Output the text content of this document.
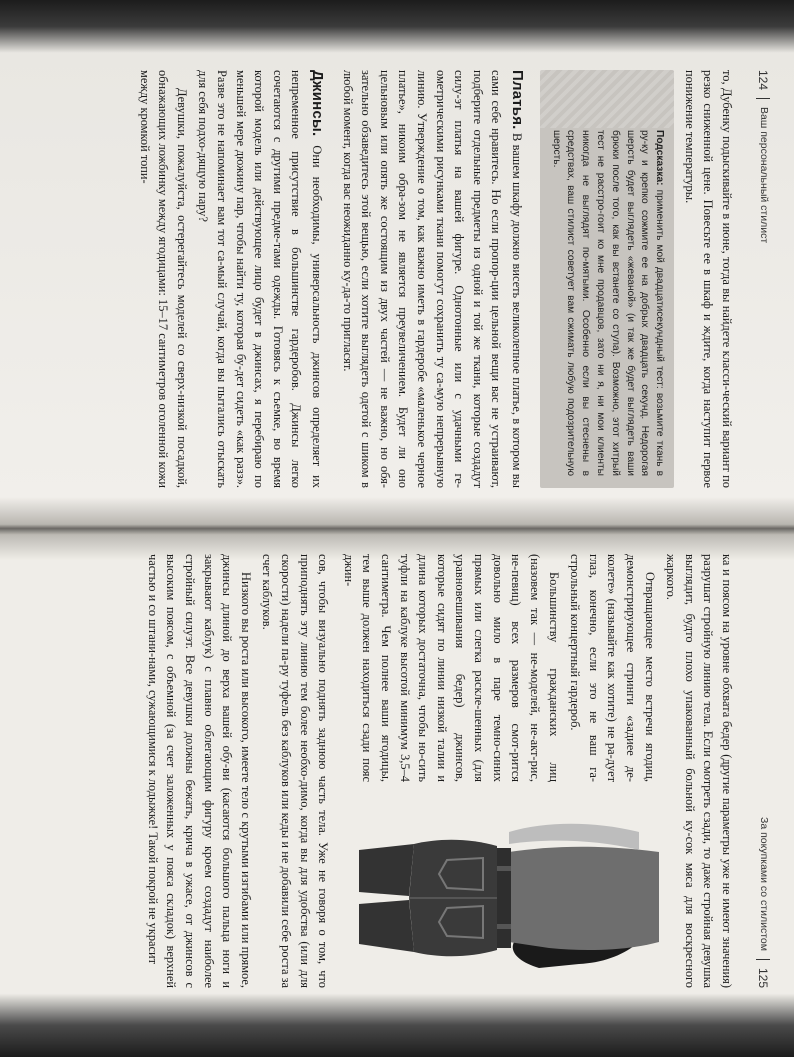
124
Ваш персональный стилист

то, Дубенку подыскивайте в июне, тогда вы найдете класси-ческий вариант по резко сниженной цене. Повесьте ее в шкаф и ждите, когда наступит первое понижение температуры.

Подсказка: применить мой двадцатисекундный тест: возьмите ткань в ру-ку и крепко сожмите ее на добрых двадцать секунд. Недорогая шерсть будет выглядеть «жеваной» (и так же будет выглядеть ваши брюки после того, как вы встанете со стула). Возможно, этот хитрый тест не расстро-гоит ко мне продавцов, зато ни я, ни мои клиенты никогда не выглядят по-мятыми. Особенно если вы стеснены в средствах, ваш стилист советует вам сжимать любую подозрительную шерсть.

Платья. В вашем шкафу должно висеть великолепное платье, в котором вы сами себе нравитесь. Но если пропор-ции цельной вещи вас не устраивают, подберите отдельные предметы из одной и той же ткани, которые создадут силу-эт платья на вашей фигуре. Однотонные или с удачными ге-ометрическими рисунками ткани помогут сохранить ту са-мую непрерывную линию. Утверждение о том, как важно иметь в гардеробе «маленькое черное платье», никоим обра-зом не является преувеличением. Будет ли оно цельновым или опять же состоящим из двух частей — не важно, но обя-зательно обзаведитесь этой вещью, если хотите выглядеть одетой с шиком в любой момент, когда вас неожиданно ку-да-то пригласят.

Джинсы. Они необходимы, универсальность джинсов определяет их непременное присутствие в большинстве гардеробов. Джинсы легко сочетаются с другими предме-тами одежды. Готовясь к съемке, во время которой модель или действующее лицо будет в джинсах, я перебираю по меньшей мере дюжину пар, чтобы найти ту, которая бу-дет сидеть «как разз». Разве это не напоминает вам тот са-мый случай, когда вы пытались отыскать для себя подхо-дящую пару?

Девушки, пожалуйста, остерегайтесь моделей со сверх-низкой посадкой, обнажающих ложбинку между ягодицами: 15–17 сантиметров оголенной кожи между кромкой топи-

За покупками со стилистом
125

ка и поясом на уровне обхвата бедер (другие параметры уже не имеют значения) разрушат стройную линию тела. Если смотреть сзади, то даже стройная девушка выглядит, будто плохо упакованный больной ку-сок мяса для воскресного жаркого.

Отвращающее место встречи ягодиц, демонстрирующее стринги «задиее де-колете» (называйте как хотите) не ра-дует глаз, конечно, если это не ваш га-строльный концертный гардероб.

Большинству гражданских лиц (назовем так — не-моделей, не-акт-рис, не-певиц) всех размеров смот-рится довольно мило в паре темно-синих прямых или слегка расклe-шенных (для уравновешивания бедер) джинсов, которые сидят по линии низкой талии и длина которых достаточна, чтобы но-сить туфли на каблуке высотой минимум 3,5–4 сантиметра. Чем полнее ваши ягодицы, тем выше должен находиться сзади пояс джин-

сов, чтобы визуально поднять заднюю часть тела. Уже не говоря о том, что приподнять эту линию тем более необхо-димо, когда вы для удобства (или для скорости) надели па-ру туфель без каблуков или кеды и не добавили себе роста за счет каблуков.

Низкого вы роста или высокого, имеете тело с крутыми изгибами или прямое, джинсы длиной до верха вашей обу-ви (касаются большого пальца ноги и закрывают каблук) с плавно облегающим фигуру кроем создадут наиболее стройный силуэт. Все девушки должны бежать, кричa в ужасе, от джинсов с высоким поясом, с объемной (за счет заложенных у пояса складок) верхней частью и со штани-нами, сужающимися к лодыжке! Такой покрой не украсит
